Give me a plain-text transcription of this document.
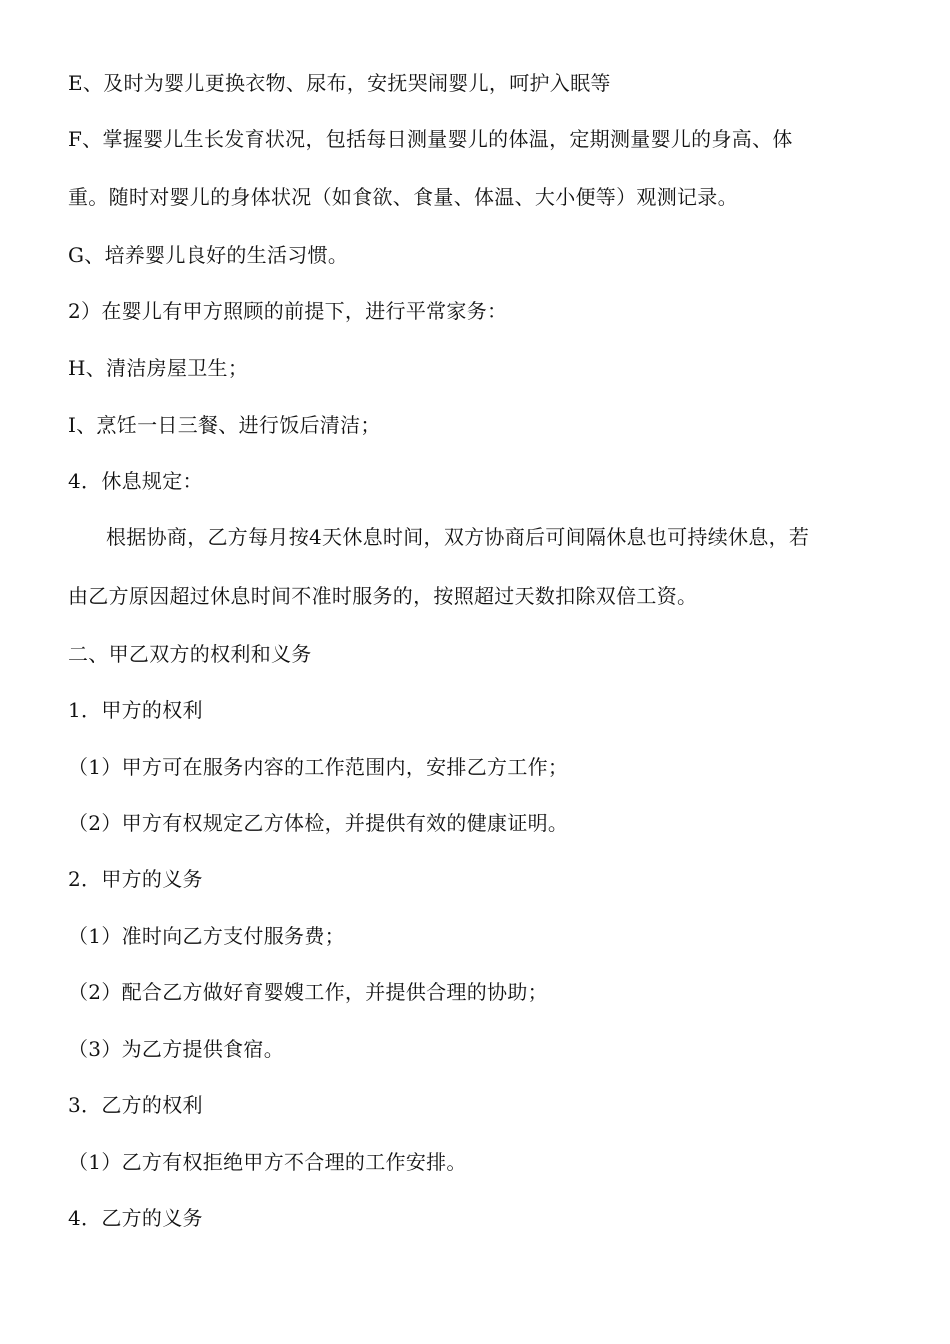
E、及时为婴儿更换衣物、尿布，安抚哭闹婴儿，呵护入眠等
F、掌握婴儿生长发育状况，包括每日测量婴儿的体温，定期测量婴儿的身高、体
重。随时对婴儿的身体状况（如食欲、食量、体温、大小便等）观测记录。
G、培养婴儿良好的生活习惯。
2）在婴儿有甲方照顾的前提下，进行平常家务：
H、清洁房屋卫生；
I、烹饪一日三餐、进行饭后清洁；
4．休息规定：
根据协商，乙方每月按4天休息时间，双方协商后可间隔休息也可持续休息，若
由乙方原因超过休息时间不准时服务的，按照超过天数扣除双倍工资。
二、甲乙双方的权利和义务
1．甲方的权利
（1）甲方可在服务内容的工作范围内，安排乙方工作；
（2）甲方有权规定乙方体检，并提供有效的健康证明。
2．甲方的义务
（1）准时向乙方支付服务费；
（2）配合乙方做好育婴嫂工作，并提供合理的协助；
（3）为乙方提供食宿。
3．乙方的权利
（1）乙方有权拒绝甲方不合理的工作安排。
4．乙方的义务
